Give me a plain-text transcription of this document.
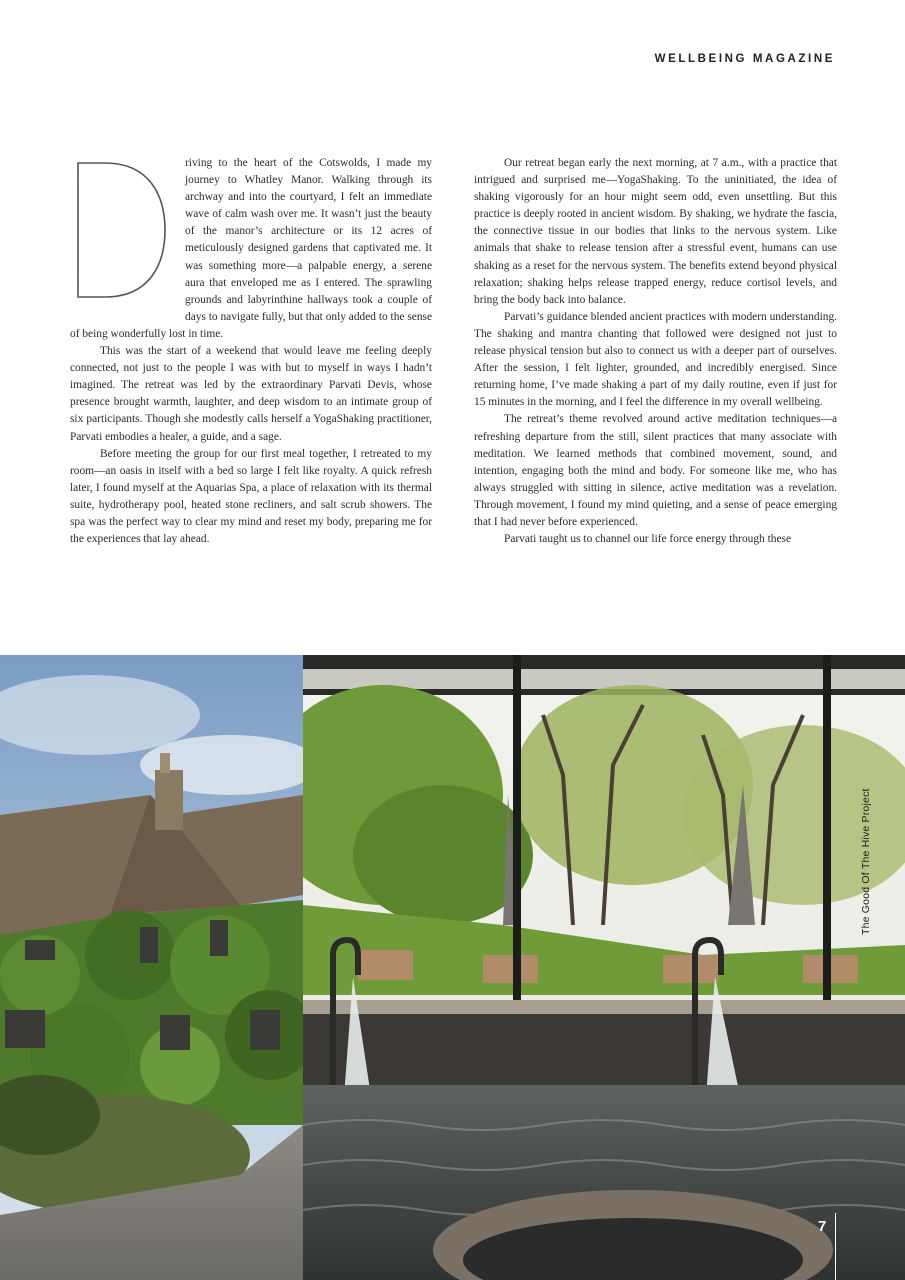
WELLBEING MAGAZINE

riving to the heart of the Cotswolds, I made my journey to Whatley Manor. Walking through its archway and into the courtyard, I felt an immediate wave of calm wash over me. It wasn’t just the beauty of the manor’s architecture or its 12 acres of meticulously designed gardens that captivated me. It was something more—a palpable energy, a serene aura that enveloped me as I entered. The sprawling grounds and labyrinthine hallways took a couple of days to navigate fully, but that only added to the sense of being wonderfully lost in time.

This was the start of a weekend that would leave me feeling deeply connected, not just to the people I was with but to myself in ways I hadn’t imagined. The retreat was led by the extraordinary Parvati Devis, whose presence brought warmth, laughter, and deep wisdom to an intimate group of six participants. Though she modestly calls herself a YogaShaking practitioner, Parvati embodies a healer, a guide, and a sage.

Before meeting the group for our first meal together, I retreated to my room—an oasis in itself with a bed so large I felt like royalty. A quick refresh later, I found myself at the Aquarias Spa, a place of relaxation with its thermal suite, hydrotherapy pool, heated stone recliners, and salt scrub showers. The spa was the perfect way to clear my mind and reset my body, preparing me for the experiences that lay ahead.

Our retreat began early the next morning, at 7 a.m., with a practice that intrigued and surprised me—YogaShaking. To the uninitiated, the idea of shaking vigorously for an hour might seem odd, even unsettling. But this practice is deeply rooted in ancient wisdom. By shaking, we hydrate the fascia, the connective tissue in our bodies that links to the nervous system. Like animals that shake to release tension after a stressful event, humans can use shaking as a reset for the nervous system. The benefits extend beyond physical relaxation; shaking helps release trapped energy, reduce cortisol levels, and bring the body back into balance.

Parvati’s guidance blended ancient practices with modern understanding. The shaking and mantra chanting that followed were designed not just to release physical tension but also to connect us with a deeper part of ourselves. After the session, I felt lighter, grounded, and incredibly energised. Since returning home, I’ve made shaking a part of my daily routine, even if just for 15 minutes in the morning, and I feel the difference in my overall wellbeing.

The retreat’s theme revolved around active meditation techniques—a refreshing departure from the still, silent practices that many associate with meditation. We learned methods that combined movement, sound, and intention, engaging both the mind and body. For someone like me, who has always struggled with sitting in silence, active meditation was a revelation. Through movement, I found my mind quieting, and a sense of peace emerging that I had never before experienced.

Parvati taught us to channel our life force energy through these

The Good Of The Hive Project
7
